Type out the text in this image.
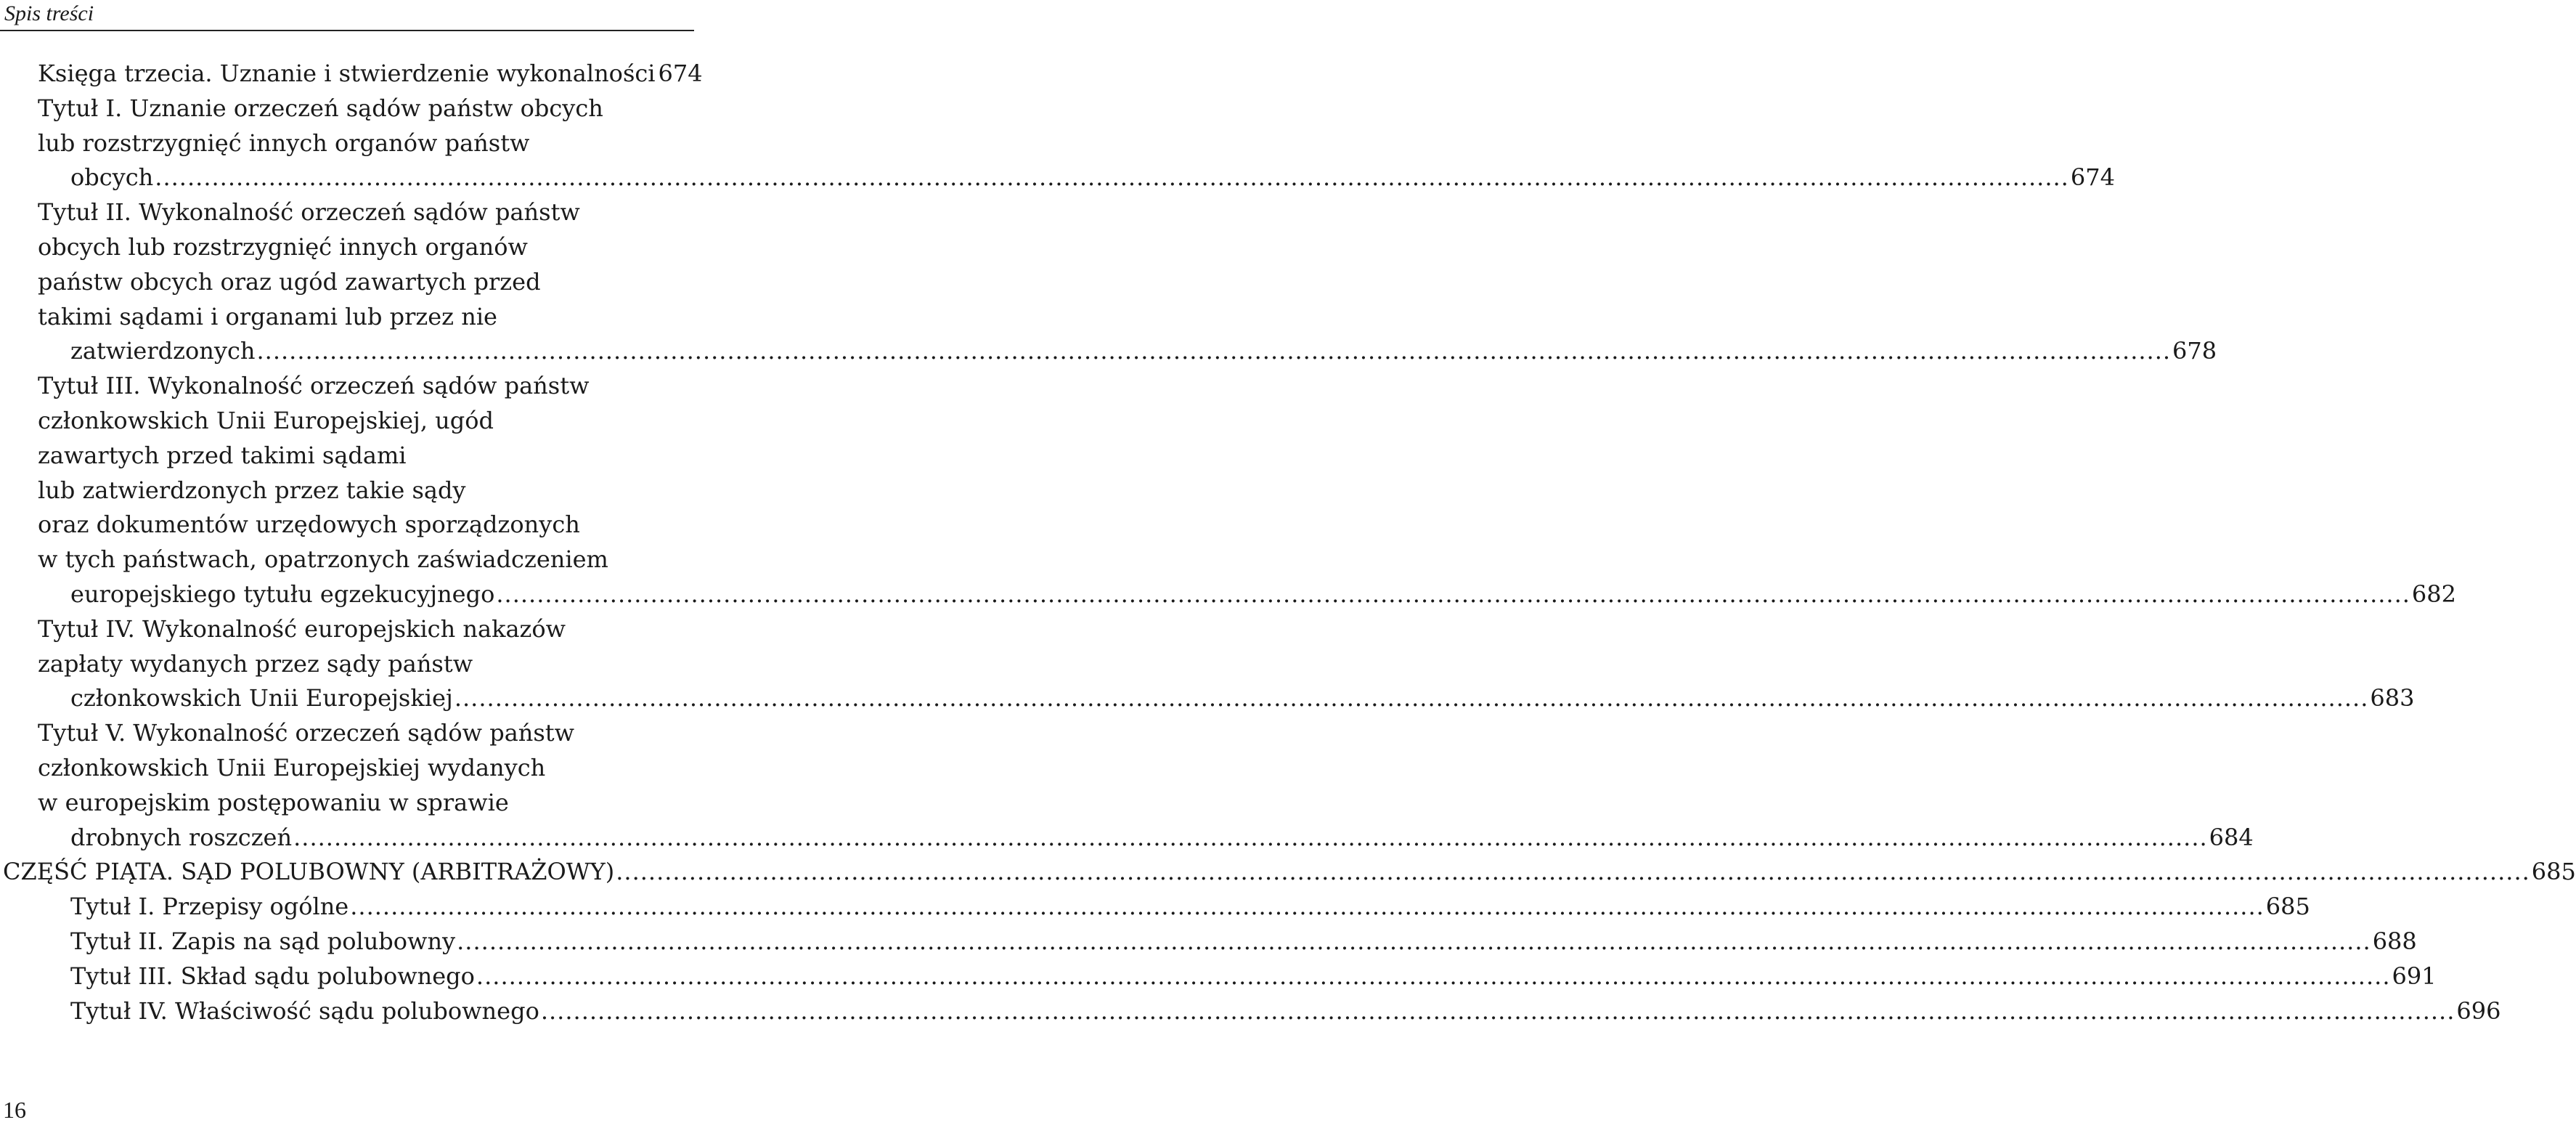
Spis treści
Księga trzecia. Uznanie i stwierdzenie wykonalności 674
Tytuł I. Uznanie orzeczeń sądów państw obcych
lub rozstrzygnięć innych organów państw
obcych .....	674
Tytuł II. Wykonalność orzeczeń sądów państw
obcych lub rozstrzygnięć innych organów
państw obcych oraz ugód zawartych przed
takimi sądami i organami lub przez nie
zatwierdzonych .....	678
Tytuł III. Wykonalność orzeczeń sądów państw
członkowskich Unii Europejskiej, ugód
zawartych przed takimi sądami
lub zatwierdzonych przez takie sądy
oraz dokumentów urzędowych sporządzonych
w tych państwach, opatrzonych zaświadczeniem
europejskiego tytułu egzekucyjnego .....	682
Tytuł IV. Wykonalność europejskich nakazów
zapłaty wydanych przez sądy państw
członkowskich Unii Europejskiej .....	683
Tytuł V. Wykonalność orzeczeń sądów państw
członkowskich Unii Europejskiej wydanych
w europejskim postępowaniu w sprawie
drobnych roszczeń .....	684
CZĘŚĆ PIĄTA. SĄD POLUBOWNY (ARBITRAŻOWY) .....	685
Tytuł I. Przepisy ogólne .....	685
Tytuł II. Zapis na sąd polubowny .....	688
Tytuł III. Skład sądu polubownego .....	691
Tytuł IV. Właściwość sądu polubownego .....	696
16
